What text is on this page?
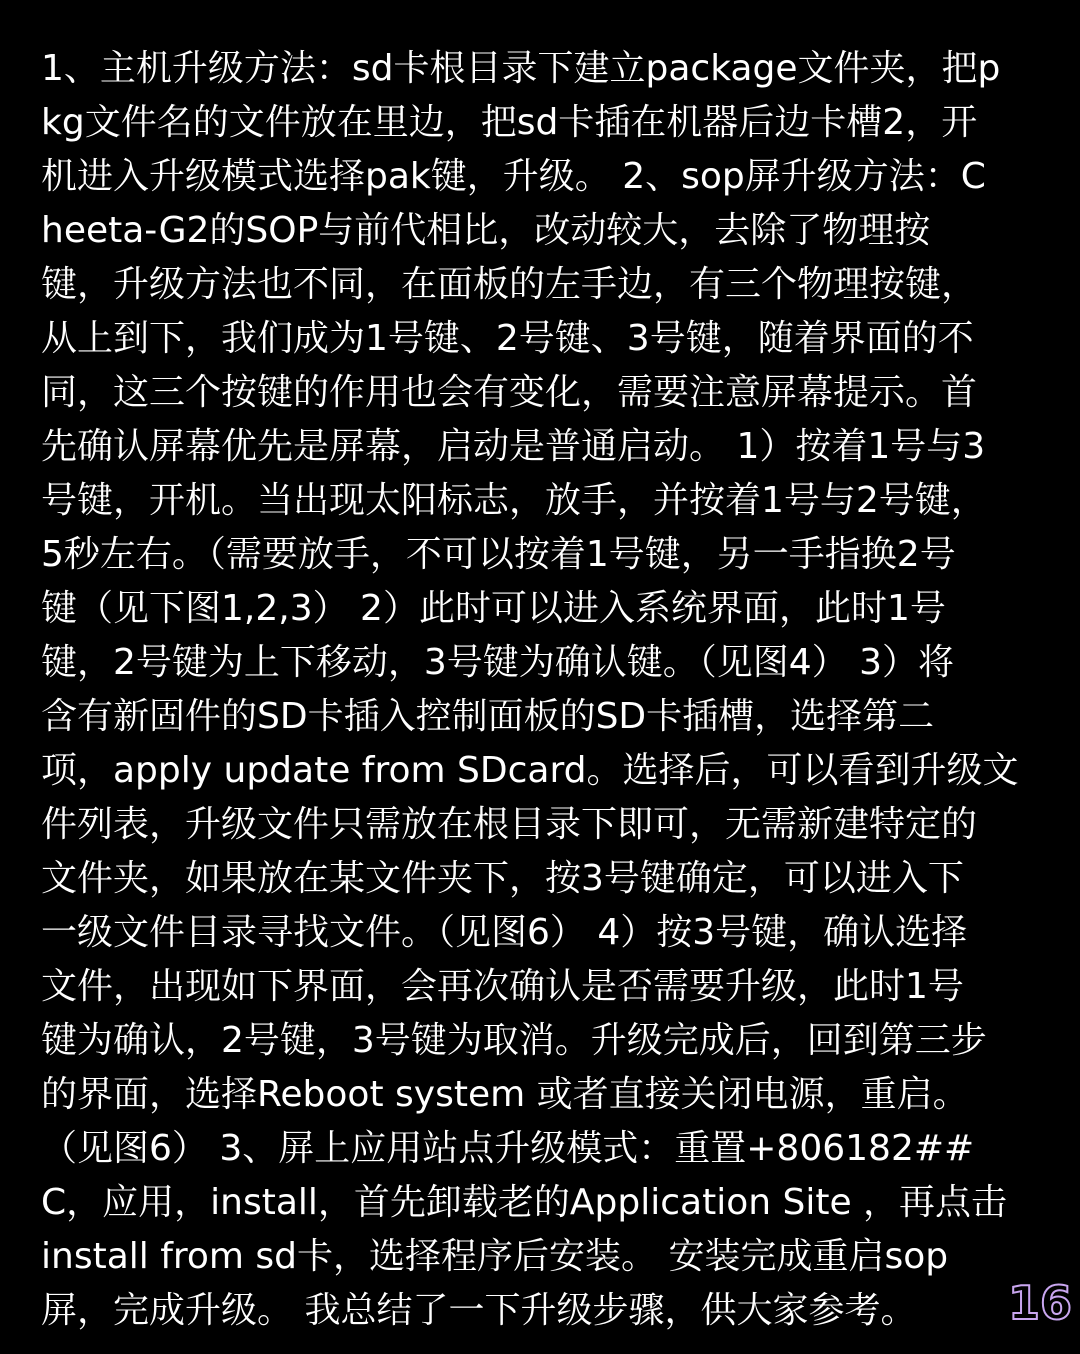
1、主机升级方法：sd卡根目录下建立package文件夹，把p
kg文件名的文件放在里边，把sd卡插在机器后边卡槽2，开
机进入升级模式选择pak键，升级。 2、sop屏升级方法：C
heeta-G2的SOP与前代相比，改动较大，去除了物理按
键，升级方法也不同，在面板的左手边，有三个物理按键，
从上到下，我们成为1号键、2号键、3号键，随着界面的不
同，这三个按键的作用也会有变化，需要注意屏幕提示。首
先确认屏幕优先是屏幕，启动是普通启动。 1）按着1号与3
号键，开机。当出现太阳标志，放手，并按着1号与2号键，
5秒左右。（需要放手，不可以按着1号键，另一手指换2号
键（见下图1,2,3） 2）此时可以进入系统界面，此时1号
键，2号键为上下移动，3号键为确认键。（见图4） 3）将
含有新固件的SD卡插入控制面板的SD卡插槽，选择第二
项，apply update from SDcard。选择后，可以看到升级文
件列表，升级文件只需放在根目录下即可，无需新建特定的
文件夹，如果放在某文件夹下，按3号键确定，可以进入下
一级文件目录寻找文件。（见图6） 4）按3号键，确认选择
文件，出现如下界面，会再次确认是否需要升级，此时1号
键为确认，2号键，3号键为取消。升级完成后，回到第三步
的界面，选择Reboot system 或者直接关闭电源，重启。
（见图6） 3、屏上应用站点升级模式：重置+806182##
C，应用，install，首先卸载老的Application Site ，再点击
install from sd卡，选择程序后安装。 安装完成重启sop
屏，完成升级。 我总结了一下升级步骤，供大家参考。	16
